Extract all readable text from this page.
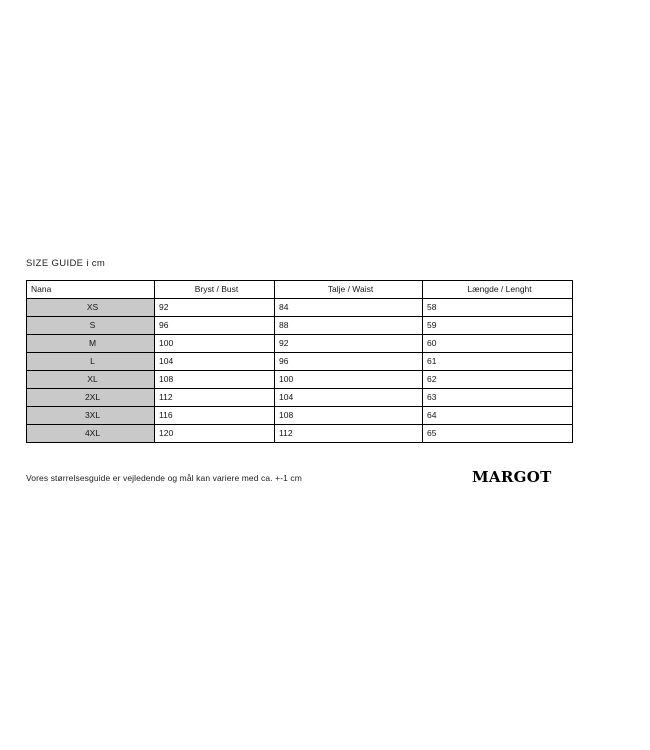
SIZE GUIDE i cm
Nana	Bryst / Bust	Talje / Waist	Længde / Lenght
XS	92	84	58
S	96	88	59
M	100	92	60
L	104	96	61
XL	108	100	62
2XL	112	104	63
3XL	116	108	64
4XL	120	112	65
Vores størrelsesguide er vejledende og mål kan variere med ca. +-1 cm	MARGOT
